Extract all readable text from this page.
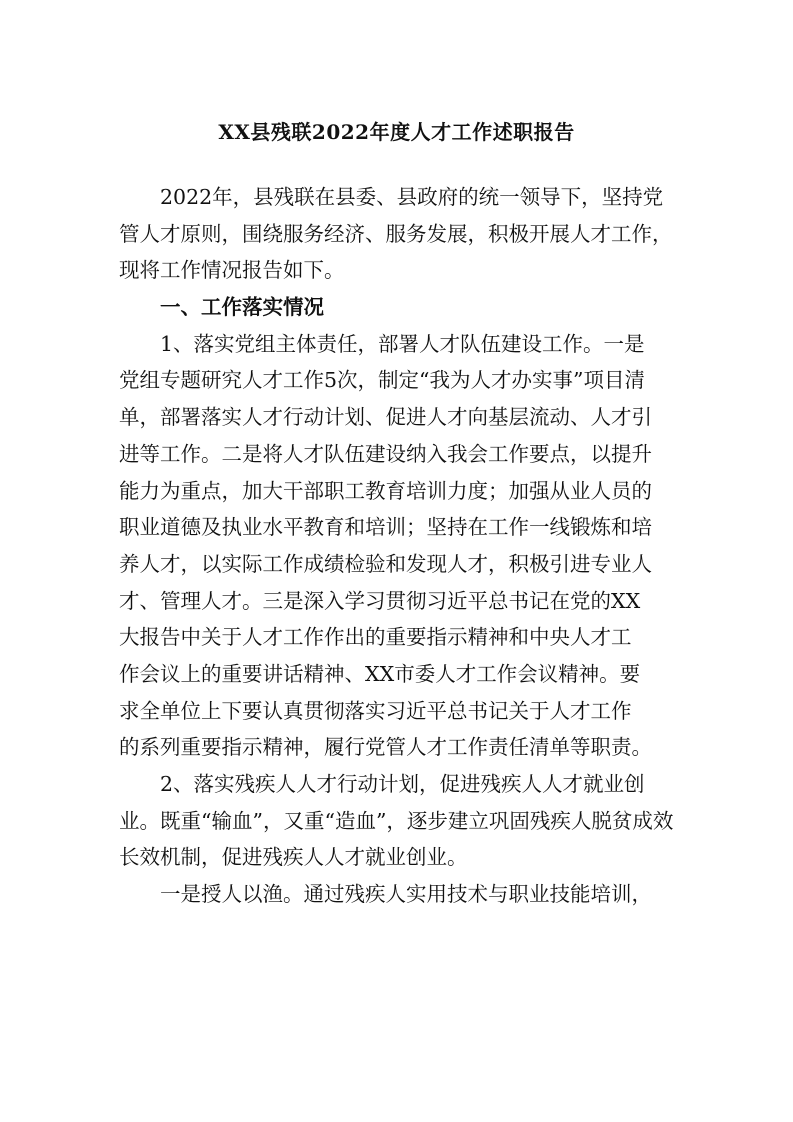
XX县残联2022年度人才工作述职报告
　　2022年，县残联在县委、县政府的统一领导下，坚持党
管人才原则，围绕服务经济、服务发展，积极开展人才工作，
现将工作情况报告如下。
　　一、工作落实情况
　　1、落实党组主体责任，部署人才队伍建设工作。一是
党组专题研究人才工作5次，制定“我为人才办实事”项目清
单，部署落实人才行动计划、促进人才向基层流动、人才引
进等工作。二是将人才队伍建设纳入我会工作要点，以提升
能力为重点，加大干部职工教育培训力度；加强从业人员的
职业道德及执业水平教育和培训；坚持在工作一线锻炼和培
养人才，以实际工作成绩检验和发现人才，积极引进专业人
才、管理人才。三是深入学习贯彻习近平总书记在党的XX
大报告中关于人才工作作出的重要指示精神和中央人才工
作会议上的重要讲话精神、XX市委人才工作会议精神。要
求全单位上下要认真贯彻落实习近平总书记关于人才工作
的系列重要指示精神，履行党管人才工作责任清单等职责。
　　2、落实残疾人人才行动计划，促进残疾人人才就业创
业。既重“输血”，又重“造血”，逐步建立巩固残疾人脱贫成效
长效机制，促进残疾人人才就业创业。
　　一是授人以渔。通过残疾人实用技术与职业技能培训，
